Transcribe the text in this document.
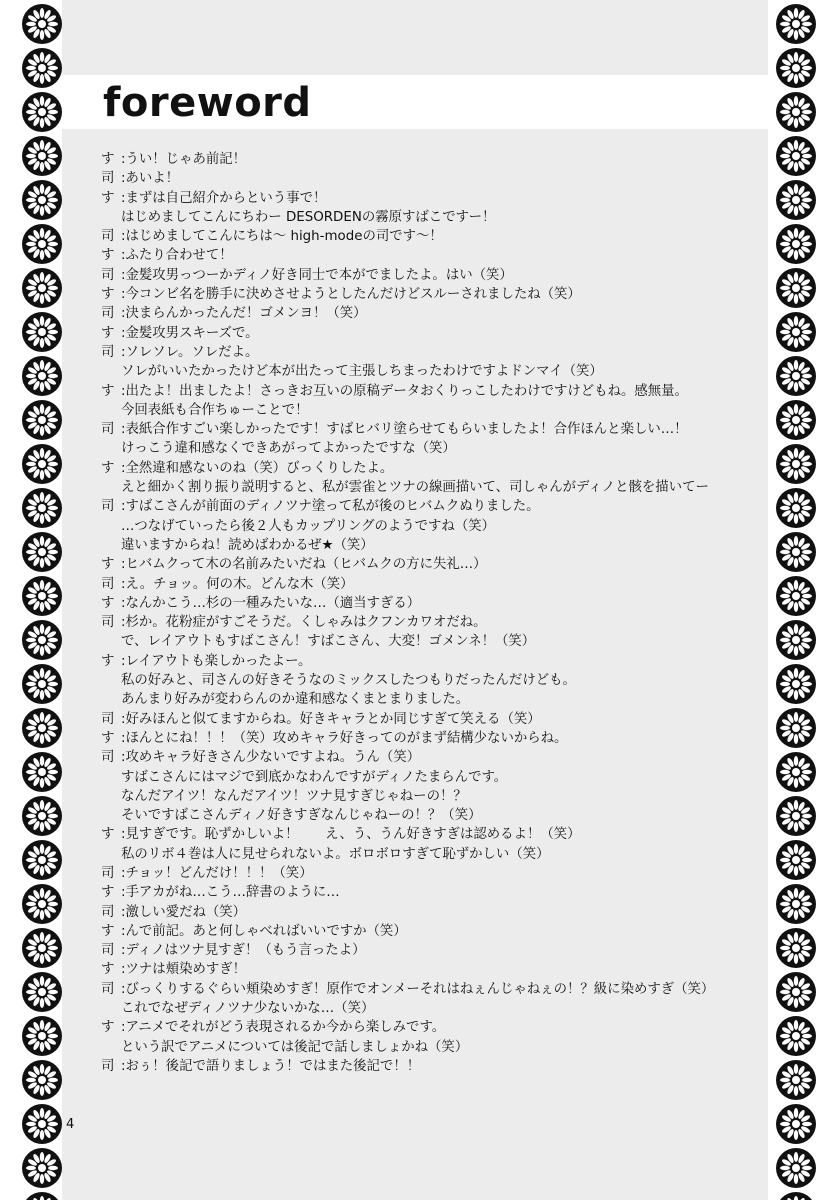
foreword
す : うい！じゃあ前記！
司 : あいよ！
す : まずは自己紹介からという事で！
はじめましてこんにちわー DESORDENの霧原すばこですー！
司 : はじめましてこんにちは～ high-modeの司です～！
す : ふたり合わせて！
司 : 金髪攻男っつーかディノ好き同士で本がでましたよ。はい（笑）
す : 今コンビ名を勝手に決めさせようとしたんだけどスルーされましたね（笑）
司 : 決まらんかったんだ！ゴメンヨ！（笑）
す : 金髪攻男スキーズで。
司 : ソレソレ。ソレだよ。
ソレがいいたかったけど本が出たって主張しちまったわけですよドンマイ（笑）
す : 出たよ！出ましたよ！さっきお互いの原稿データおくりっこしたわけですけどもね。感無量。
今回表紙も合作ちゅーことで！
司 : 表紙合作すごい楽しかったです！すばヒバリ塗らせてもらいましたよ！合作ほんと楽しい…！
けっこう違和感なくできあがってよかったですな（笑）
す : 全然違和感ないのね（笑）びっくりしたよ。
えと細かく割り振り説明すると、私が雲雀とツナの線画描いて、司しゃんがディノと骸を描いてー
司 : すばこさんが前面のディノツナ塗って私が後のヒバムクぬりました。
…つなげていったら後２人もカップリングのようですね（笑）
違いますからね！読めばわかるぜ★（笑）
す : ヒバムクって木の名前みたいだね（ヒバムクの方に失礼…）
司 : え。チョッ。何の木。どんな木（笑）
す : なんかこう…杉の一種みたいな…（適当すぎる）
司 : 杉か。花粉症がすごそうだ。くしゃみはクフンカワオだね。
で、レイアウトもすばこさん！すばこさん、大変！ゴメンネ！（笑）
す : レイアウトも楽しかったよー。
私の好みと、司さんの好きそうなのミックスしたつもりだったんだけども。
あんまり好みが変わらんのか違和感なくまとまりました。
司 : 好みほんと似てますからね。好きキャラとか同じすぎて笑える（笑）
す : ほんとにね！！！（笑）攻めキャラ好きってのがまず結構少ないからね。
司 : 攻めキャラ好きさん少ないですよね。うん（笑）
すばこさんにはマジで到底かなわんですがディノたまらんです。
なんだアイツ！なんだアイツ！ツナ見すぎじゃねーの！？
そいですばこさんディノ好きすぎなんじゃねーの！？（笑）
す : 見すぎです。恥ずかしいよ！　　え、う、うん好きすぎは認めるよ！（笑）
私のリボ４巻は人に見せられないよ。ボロボロすぎて恥ずかしい（笑）
司 : チョッ！どんだけ！！！（笑）
す : 手アカがね…こう…辞書のように…
司 : 激しい愛だね（笑）
す : んで前記。あと何しゃべればいいですか（笑）
司 : ディノはツナ見すぎ！（もう言ったよ）
す : ツナは頬染めすぎ！
司 : びっくりするぐらい頬染めすぎ！原作でオンメーそれはねぇんじゃねぇの！？級に染めすぎ（笑）
これでなぜディノツナ少ないかな…（笑）
す : アニメでそれがどう表現されるか今から楽しみです。
という訳でアニメについては後記で話しましょかね（笑）
司 : おぅ！後記で語りましょう！ではまた後記で！！
4
